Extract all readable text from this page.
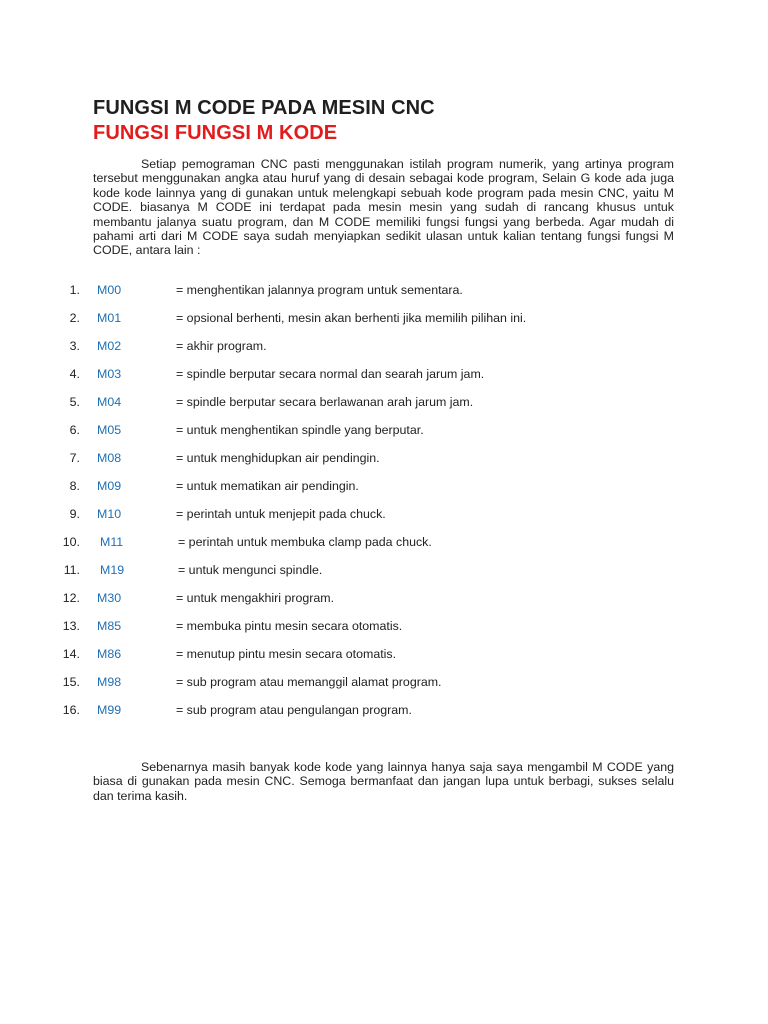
FUNGSI M CODE PADA MESIN CNC
FUNGSI FUNGSI M KODE

Setiap pemograman CNC pasti menggunakan istilah program numerik, yang artinya program tersebut menggunakan angka atau huruf yang di desain sebagai kode program, Selain G kode ada juga kode kode lainnya yang di gunakan untuk melengkapi sebuah kode program pada mesin CNC, yaitu M CODE. biasanya M CODE ini terdapat pada mesin mesin yang sudah di rancang khusus untuk membantu jalanya suatu program, dan M CODE memiliki fungsi fungsi yang berbeda. Agar mudah di pahami arti dari M CODE saya sudah menyiapkan sedikit ulasan untuk kalian tentang fungsi fungsi M CODE, antara lain :

1. M00	= menghentikan jalannya program untuk sementara.
2. M01	= opsional berhenti, mesin akan berhenti jika memilih pilihan ini.
3. M02	= akhir program.
4. M03	= spindle berputar secara normal dan searah jarum jam.
5. M04	= spindle berputar secara berlawanan arah jarum jam.
6. M05	= untuk menghentikan spindle yang berputar.
7. M08	= untuk menghidupkan air pendingin.
8. M09	= untuk mematikan air pendingin.
9. M10	= perintah untuk menjepit pada chuck.
10. M11	= perintah untuk membuka clamp pada chuck.
11. M19	= untuk mengunci spindle.
12. M30	= untuk mengakhiri program.
13. M85	= membuka pintu mesin secara otomatis.
14. M86	= menutup pintu mesin secara otomatis.
15. M98	= sub program atau memanggil alamat program.
16. M99	= sub program atau pengulangan program.

Sebenarnya masih banyak kode kode yang lainnya hanya saja saya mengambil M CODE yang biasa di gunakan pada mesin CNC. Semoga bermanfaat dan jangan lupa untuk berbagi, sukses selalu dan terima kasih.
